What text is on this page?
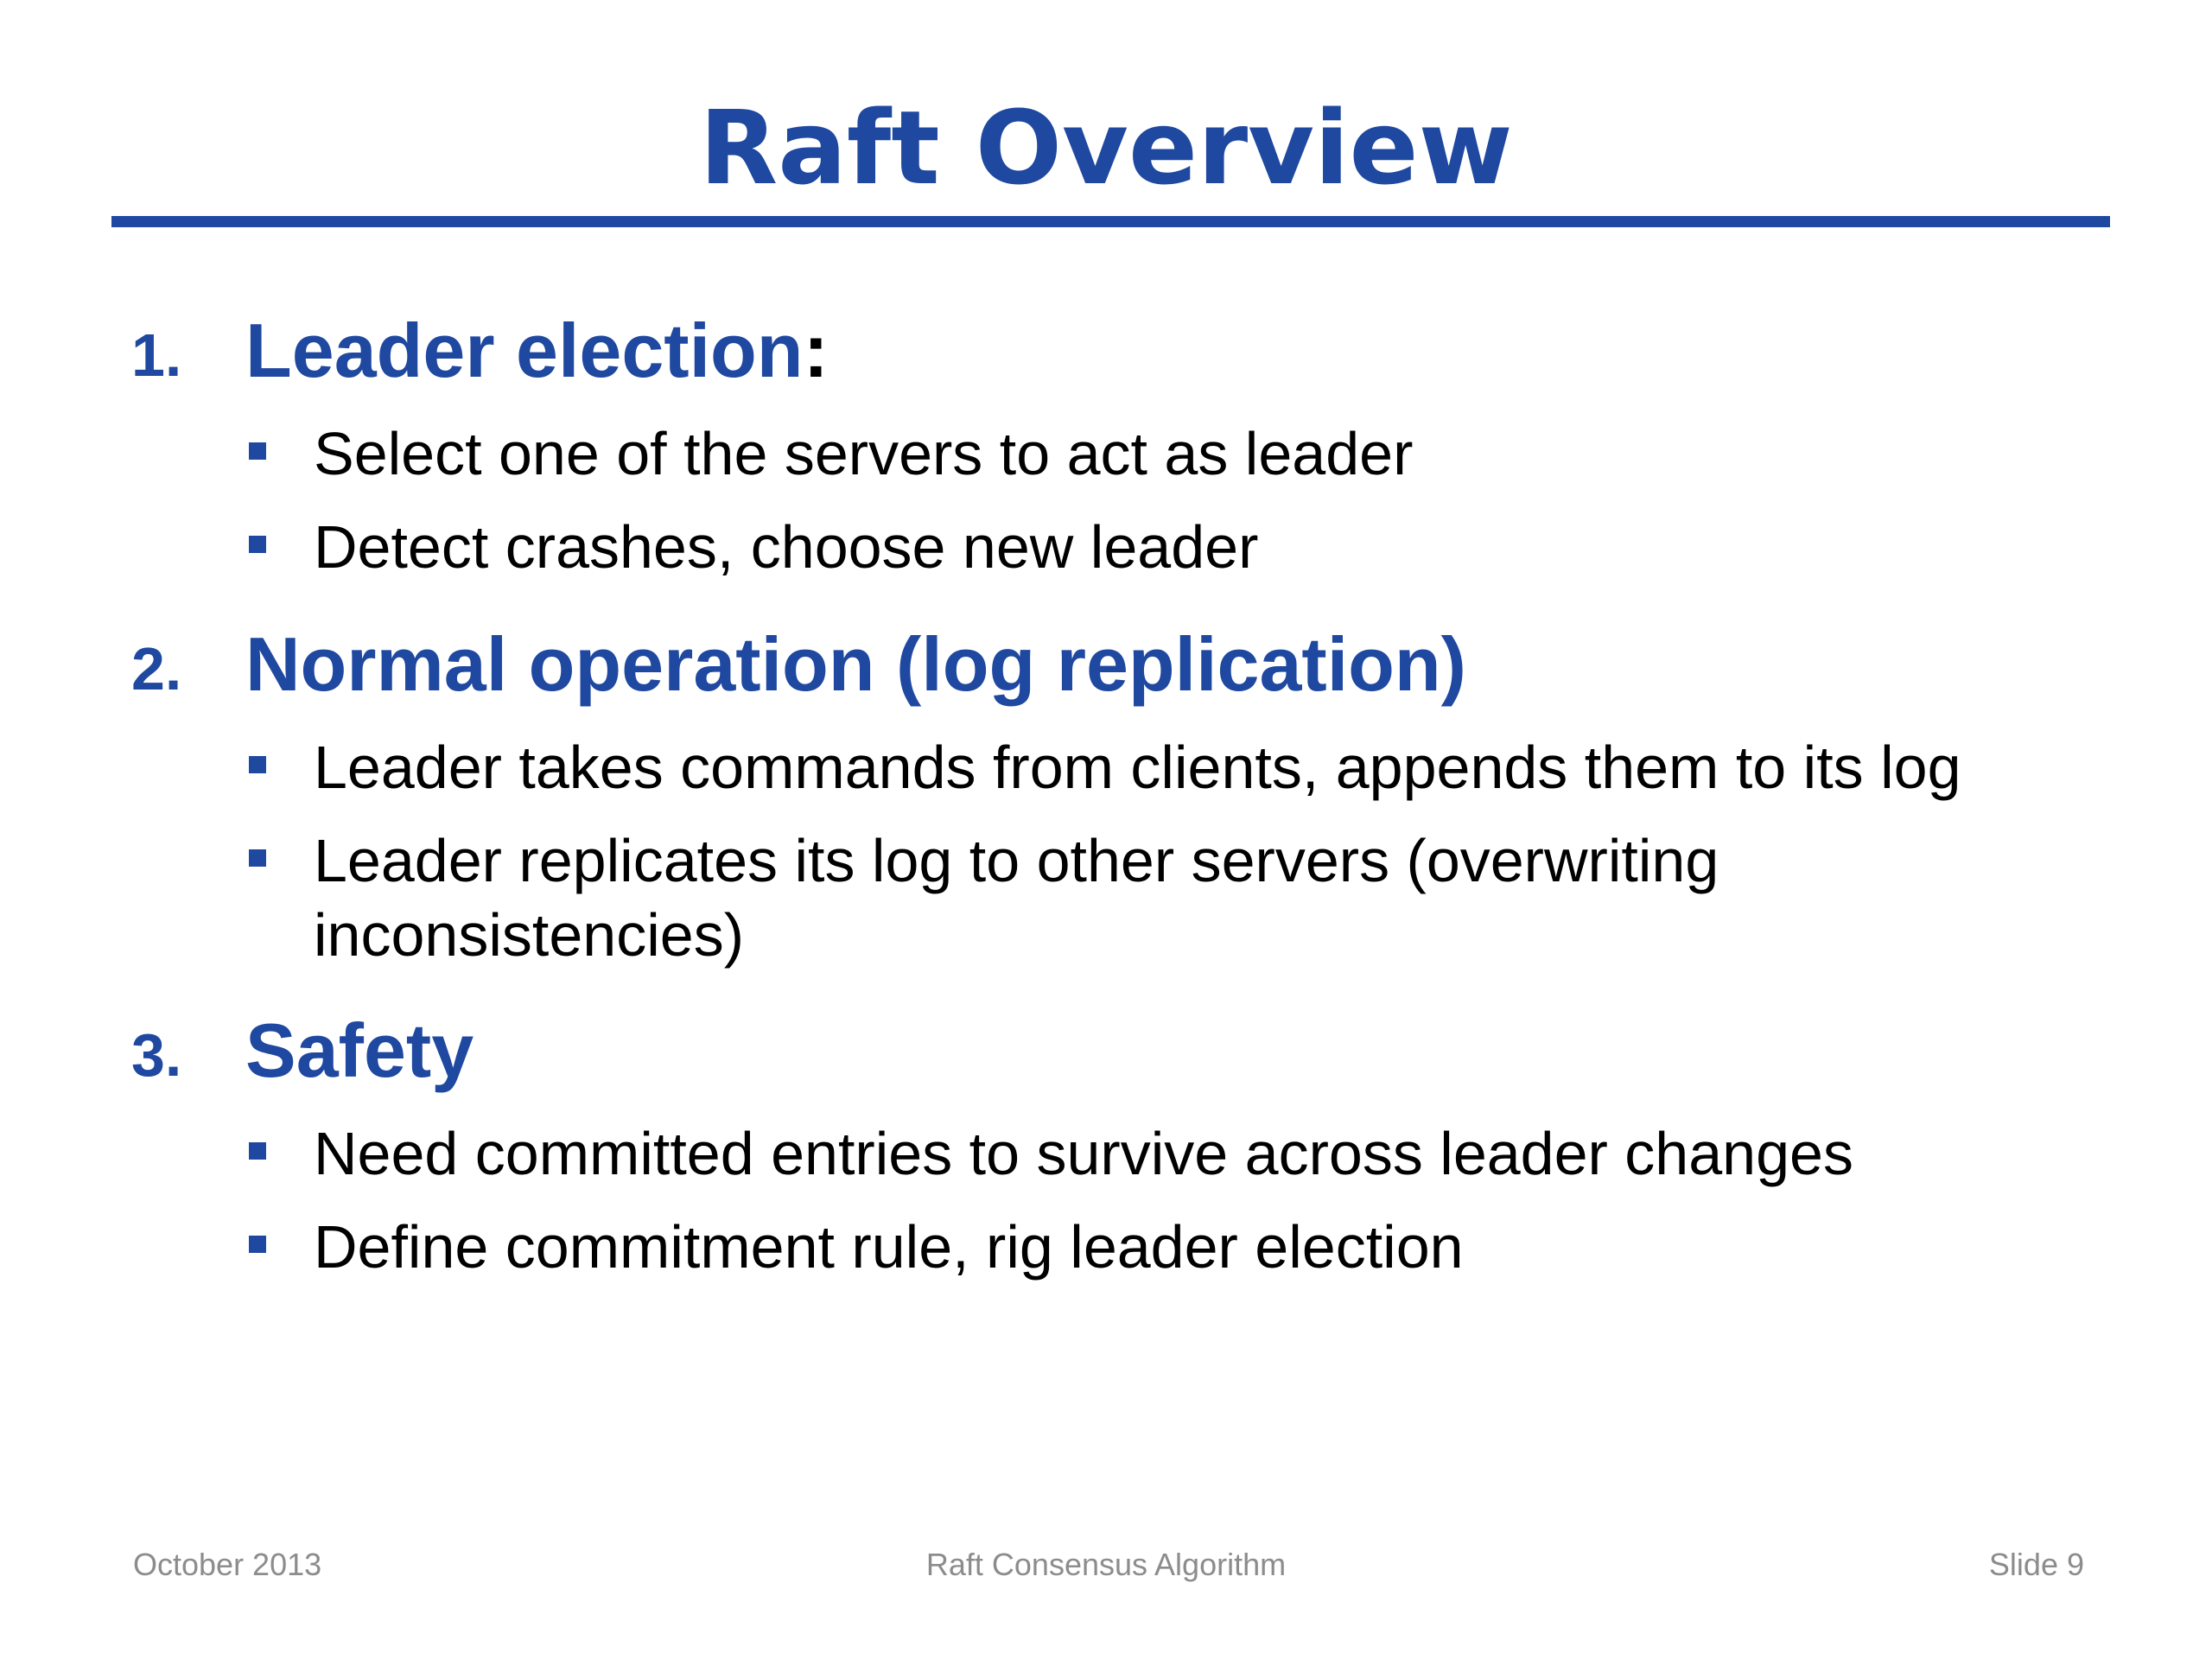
Raft Overview
1. Leader election:
Select one of the servers to act as leader
Detect crashes, choose new leader
2. Normal operation (log replication)
Leader takes commands from clients, appends them to its log
Leader replicates its log to other servers (overwriting inconsistencies)
3. Safety
Need committed entries to survive across leader changes
Define commitment rule, rig leader election
October 2013	Raft Consensus Algorithm	Slide 9
